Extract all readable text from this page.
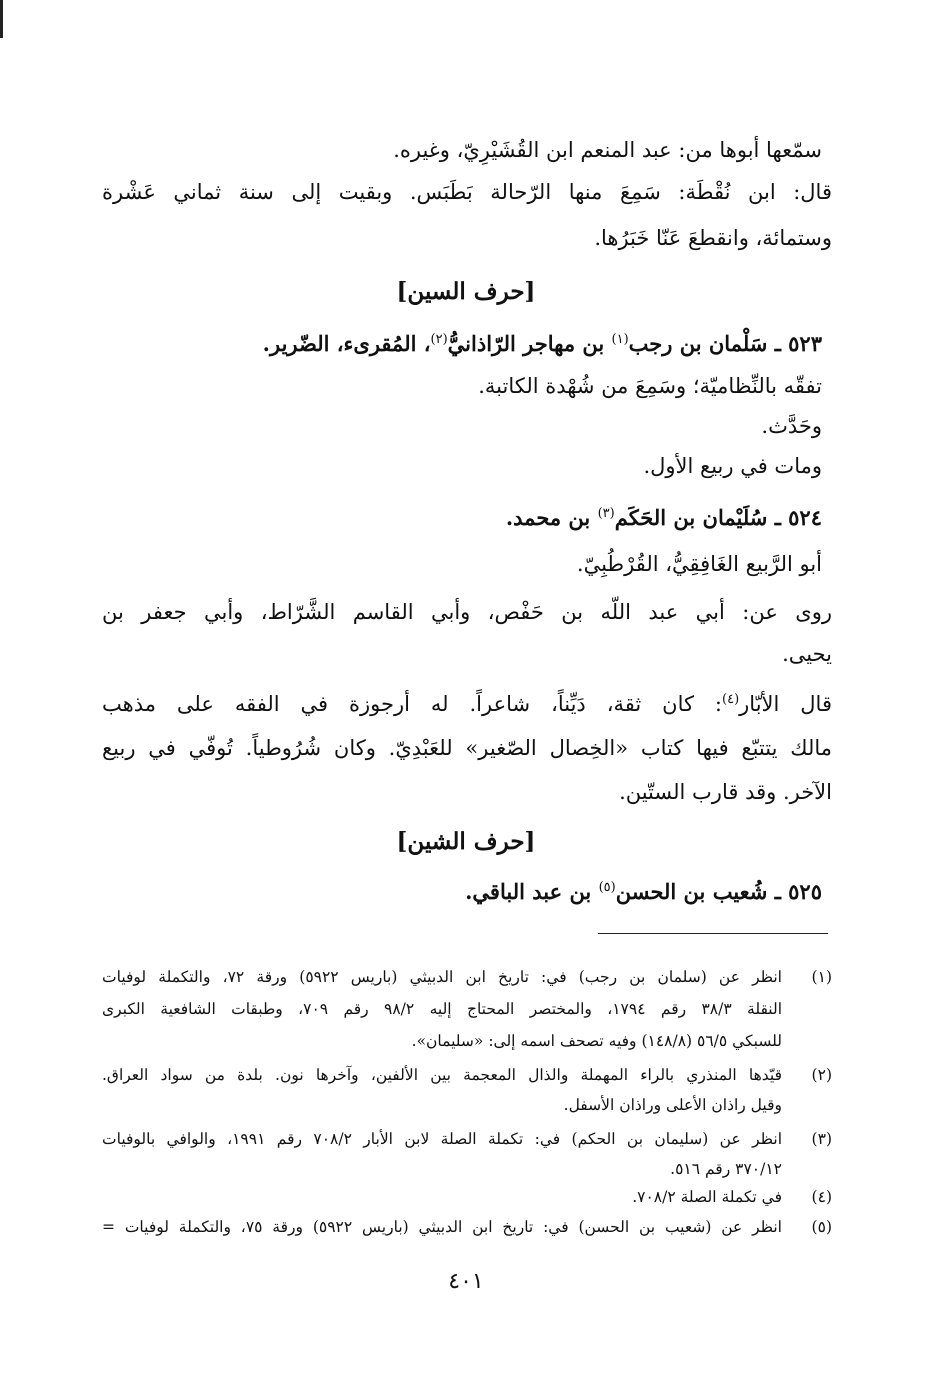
سمّعها أبوها من: عبد المنعم ابن القُشَيْرِيّ، وغيره.
قال: ابن نُقْطَة: سَمِعَ منها الرّحالة بَطَبَس. وبقيت إلى سنة ثماني عَشْرة
وستمائة، وانقطعَ عَنّا خَبَرُها.
[حرف السين]
٥٢٣ ـ سَلْمان بن رجب$^{(١)}$ بن مهاجر الرّاذانيُّ$^{(٢)}$، المُقرىء، الضّرير.
تفقّه بالنِّظاميّة؛ وسَمِعَ من شُهْدة الكاتبة.
وحَدَّث.
ومات في ربيع الأول.
٥٢٤ ـ سُلَيْمان بن الحَكَم$^{(٣)}$ بن محمد.
أبو الرَّبيع الغَافِقِيُّ، القُرْطُبِيّ.
روى عن: أبي عبد اللّه بن حَفْص، وأبي القاسم الشَّرّاط، وأبي جعفر بن
يحيى.
قال الأبّار$^{(٤)}$: كان ثقة، دَيِّناً، شاعراً. له أرجوزة في الفقه على مذهب
مالك يتتبّع فيها كتاب «الخِصال الصّغير» للعَبْدِيّ. وكان شُرُوطياً. تُوفّي في ربيع
الآخر. وقد قارب الستّين.
[حرف الشين]
٥٢٥ ـ شُعيب بن الحسن$^{(٥)}$ بن عبد الباقي.
(١)
انظر عن (سلمان بن رجب) في: تاريخ ابن الدبيثي (باريس ٥٩٢٢) ورقة ٧٢، والتكملة لوفيات
النقلة ٣٨/٣ رقم ١٧٩٤، والمختصر المحتاج إليه ٩٨/٢ رقم ٧٠٩، وطبقات الشافعية الكبرى
للسبكي ٥٦/٥ (١٤٨/٨) وفيه تصحف اسمه إلى: «سليمان».
(٢)
قيّدها المنذري بالراء المهملة والذال المعجمة بين الألفين، وآخرها نون. بلدة من سواد العراق.
وقيل راذان الأعلى وراذان الأسفل.
(٣)
انظر عن (سليمان بن الحكم) في: تكملة الصلة لابن الأبار ٧٠٨/٢ رقم ١٩٩١، والوافي بالوفيات
٣٧٠/١٢ رقم ٥١٦.
(٤)
في تكملة الصلة ٧٠٨/٢.
(٥)
انظر عن (شعيب بن الحسن) في: تاريخ ابن الدبيثي (باريس ٥٩٢٢) ورقة ٧٥، والتكملة لوفيات =
٤٠١
